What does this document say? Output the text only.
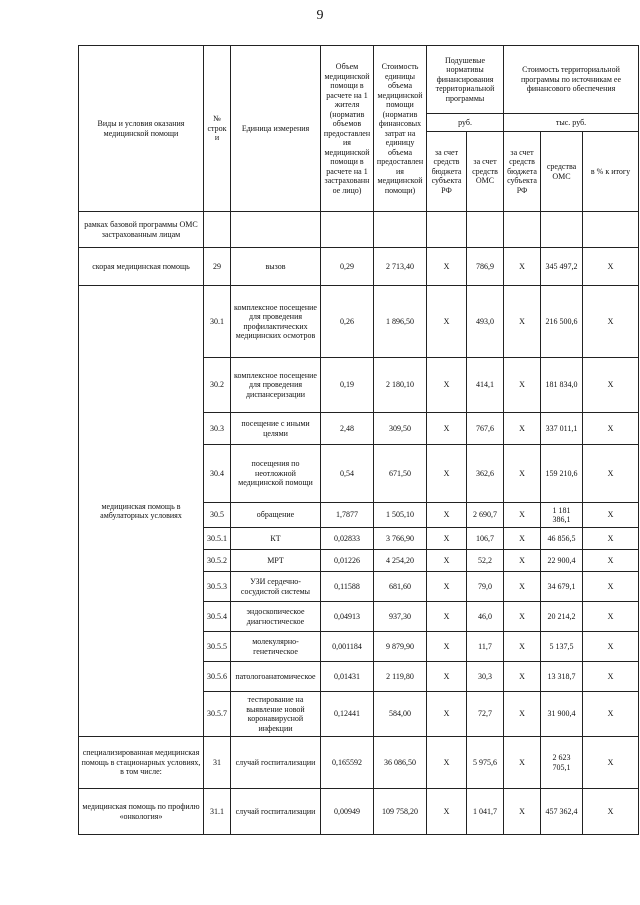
9
Виды и условия оказания медицинской помощи	№ строки	Единица измерения	Объем медицинской помощи в расчете на 1 жителя (норматив объемов предоставления медицинской помощи в расчете на 1 застрахованное лицо)	Стоимость единицы объема медицинской помощи (норматив финансовых затрат на единицу объема предоставления медицинской помощи)	Подушевые нормативы финансирования территориальной программы		Стоимость территориальной программы по источникам ее финансового обеспечения		
					руб.		тыс. руб.		
					за счет средств бюджета субъекта РФ	за счет средств ОМС	за счет средств бюджета субъекта РФ	средства ОМС	в % к итогу
рамках базовой программы ОМС застрахованным лицам									
скорая медицинская помощь	29	вызов	0,29	2 713,40	X	786,9	X	345 497,2	X
медицинская помощь в амбулаторных условиях	30.1	комплексное посещение для проведения профилактических медицинских осмотров	0,26	1 896,50	X	493,0	X	216 500,6	X
	30.2	комплексное посещение для проведения диспансеризации	0,19	2 180,10	X	414,1	X	181 834,0	X
	30.3	посещение с иными целями	2,48	309,50	X	767,6	X	337 011,1	X
	30.4	посещения по неотложной медицинской помощи	0,54	671,50	X	362,6	X	159 210,6	X
	30.5	обращение	1,7877	1 505,10	X	2 690,7	X	1 181 386,1	X
	30.5.1	КТ	0,02833	3 766,90	X	106,7	X	46 856,5	X
	30.5.2	МРТ	0,01226	4 254,20	X	52,2	X	22 900,4	X
	30.5.3	УЗИ сердечно-сосудистой системы	0,11588	681,60	X	79,0	X	34 679,1	X
	30.5.4	эндоскопическое диагностическое	0,04913	937,30	X	46,0	X	20 214,2	X
	30.5.5	молекулярно-генетическое	0,001184	9 879,90	X	11,7	X	5 137,5	X
	30.5.6	патологоанатомическое	0,01431	2 119,80	X	30,3	X	13 318,7	X
	30.5.7	тестирование на выявление новой коронавирусной инфекции	0,12441	584,00	X	72,7	X	31 900,4	X
специализированная медицинская помощь в стационарных условиях, в том числе:	31	случай госпитализации	0,165592	36 086,50	X	5 975,6	X	2 623 705,1	X
медицинская помощь по профилю «онкология»	31.1	случай госпитализации	0,00949	109 758,20	X	1 041,7	X	457 362,4	X
